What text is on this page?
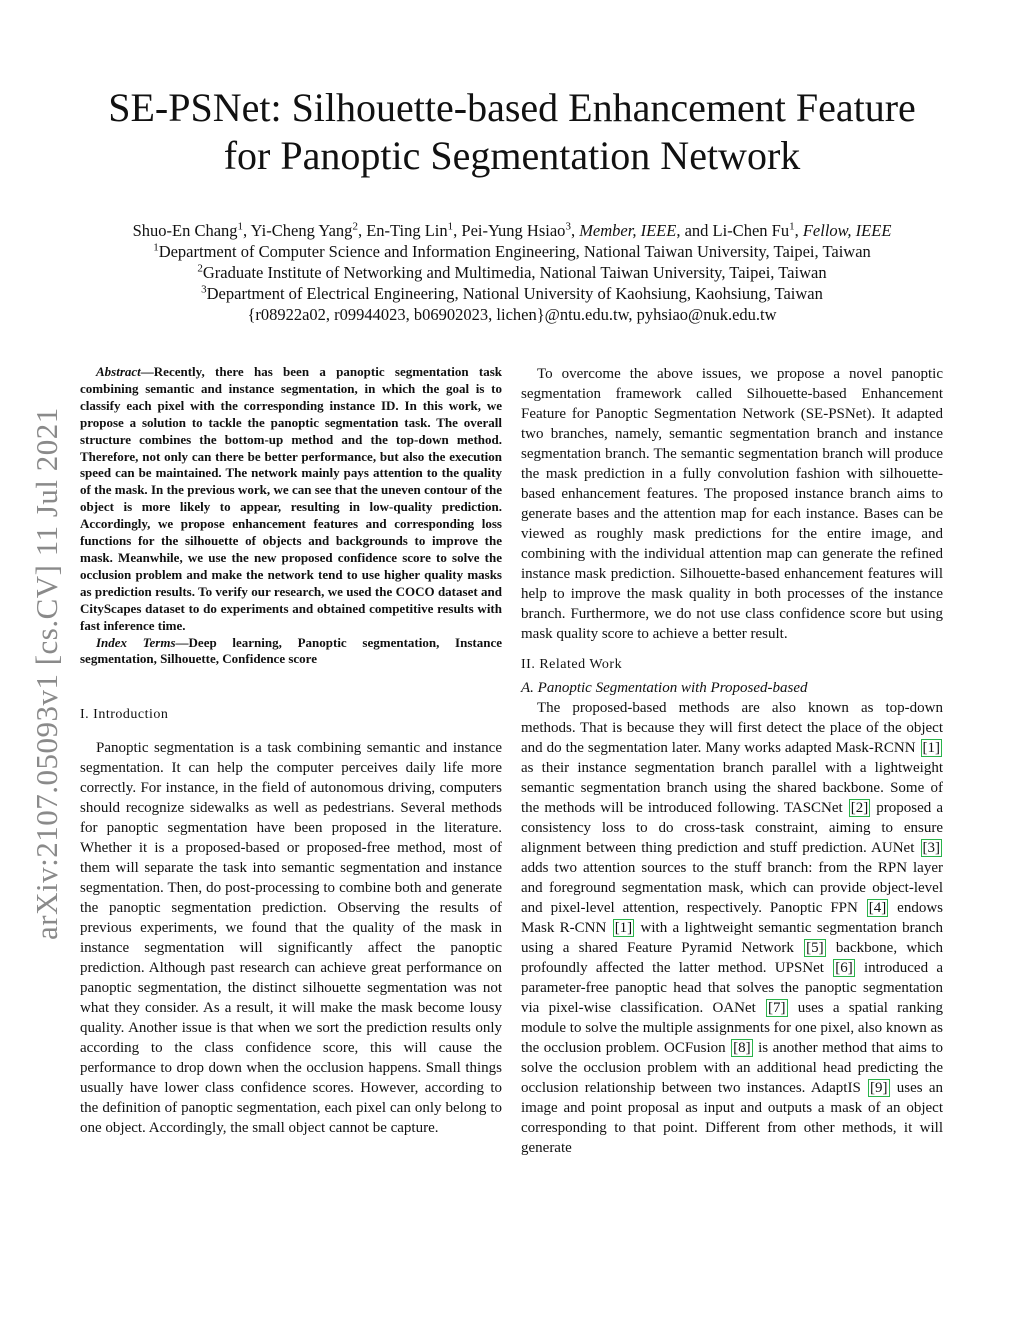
arXiv:2107.05093v1 [cs.CV] 11 Jul 2021
SE-PSNet: Silhouette-based Enhancement Feature
for Panoptic Segmentation Network
Shuo-En Chang$^1$, Yi-Cheng Yang$^2$, En-Ting Lin$^1$, Pei-Yung Hsiao$^3$, Member, IEEE, and Li-Chen Fu$^1$, Fellow, IEEE
$^1$Department of Computer Science and Information Engineering, National Taiwan University, Taipei, Taiwan
$^2$Graduate Institute of Networking and Multimedia, National Taiwan University, Taipei, Taiwan
$^3$Department of Electrical Engineering, National University of Kaohsiung, Kaohsiung, Taiwan
{r08922a02, r09944023, b06902023, lichen}@ntu.edu.tw, pyhsiao@nuk.edu.tw

Abstract—Recently, there has been a panoptic segmentation task combining semantic and instance segmentation, in which the goal is to classify each pixel with the corresponding instance ID. In this work, we propose a solution to tackle the panoptic segmentation task. The overall structure combines the bottom-up method and the top-down method. Therefore, not only can there be better performance, but also the execution speed can be maintained. The network mainly pays attention to the quality of the mask. In the previous work, we can see that the uneven contour of the object is more likely to appear, resulting in low-quality prediction. Accordingly, we propose enhancement features and corresponding loss functions for the silhouette of objects and backgrounds to improve the mask. Meanwhile, we use the new proposed confidence score to solve the occlusion problem and make the network tend to use higher quality masks as prediction results. To verify our research, we used the COCO dataset and CityScapes dataset to do experiments and obtained competitive results with fast inference time.

Index Terms—Deep learning, Panoptic segmentation, Instance segmentation, Silhouette, Confidence score

I. Introduction

Panoptic segmentation is a task combining semantic and instance segmentation. It can help the computer perceives daily life more correctly. For instance, in the field of autonomous driving, computers should recognize sidewalks as well as pedestrians. Several methods for panoptic segmentation have been proposed in the literature. Whether it is a proposed-based or proposed-free method, most of them will separate the task into semantic segmentation and instance segmentation. Then, do post-processing to combine both and generate the panoptic segmentation prediction. Observing the results of previous experiments, we found that the quality of the mask in instance segmentation will significantly affect the panoptic prediction. Although past research can achieve great performance on panoptic segmentation, the distinct silhouette segmentation was not what they consider. As a result, it will make the mask become lousy quality. Another issue is that when we sort the prediction results only according to the class confidence score, this will cause the performance to drop down when the occlusion happens. Small things usually have lower class confidence scores. However, according to the definition of panoptic segmentation, each pixel can only belong to one object. Accordingly, the small object cannot be capture.

To overcome the above issues, we propose a novel panoptic segmentation framework called Silhouette-based Enhancement Feature for Panoptic Segmentation Network (SE-PSNet). It adapted two branches, namely, semantic segmentation branch and instance segmentation branch. The semantic segmentation branch will produce the mask prediction in a fully convolution fashion with silhouette-based enhancement features. The proposed instance branch aims to generate bases and the attention map for each instance. Bases can be viewed as roughly mask predictions for the entire image, and combining with the individual attention map can generate the refined instance mask prediction. Silhouette-based enhancement features will help to improve the mask quality in both processes of the instance branch. Furthermore, we do not use class confidence score but using mask quality score to achieve a better result.

II. Related Work

A. Panoptic Segmentation with Proposed-based

The proposed-based methods are also known as top-down methods. That is because they will first detect the place of the object and do the segmentation later. Many works adapted Mask-RCNN [1] as their instance segmentation branch parallel with a lightweight semantic segmentation branch using the shared backbone. Some of the methods will be introduced following. TASCNet [2] proposed a consistency loss to do cross-task constraint, aiming to ensure alignment between thing prediction and stuff prediction. AUNet [3] adds two attention sources to the stuff branch: from the RPN layer and foreground segmentation mask, which can provide object-level and pixel-level attention, respectively. Panoptic FPN [4] endows Mask R-CNN [1] with a lightweight semantic segmentation branch using a shared Feature Pyramid Network [5] backbone, which profoundly affected the latter method. UPSNet [6] introduced a parameter-free panoptic head that solves the panoptic segmentation via pixel-wise classification. OANet [7] uses a spatial ranking module to solve the multiple assignments for one pixel, also known as the occlusion problem. OCFusion [8] is another method that aims to solve the occlusion problem with an additional head predicting the occlusion relationship between two instances. AdaptIS [9] uses an image and point proposal as input and outputs a mask of an object corresponding to that point. Different from other methods, it will generate
